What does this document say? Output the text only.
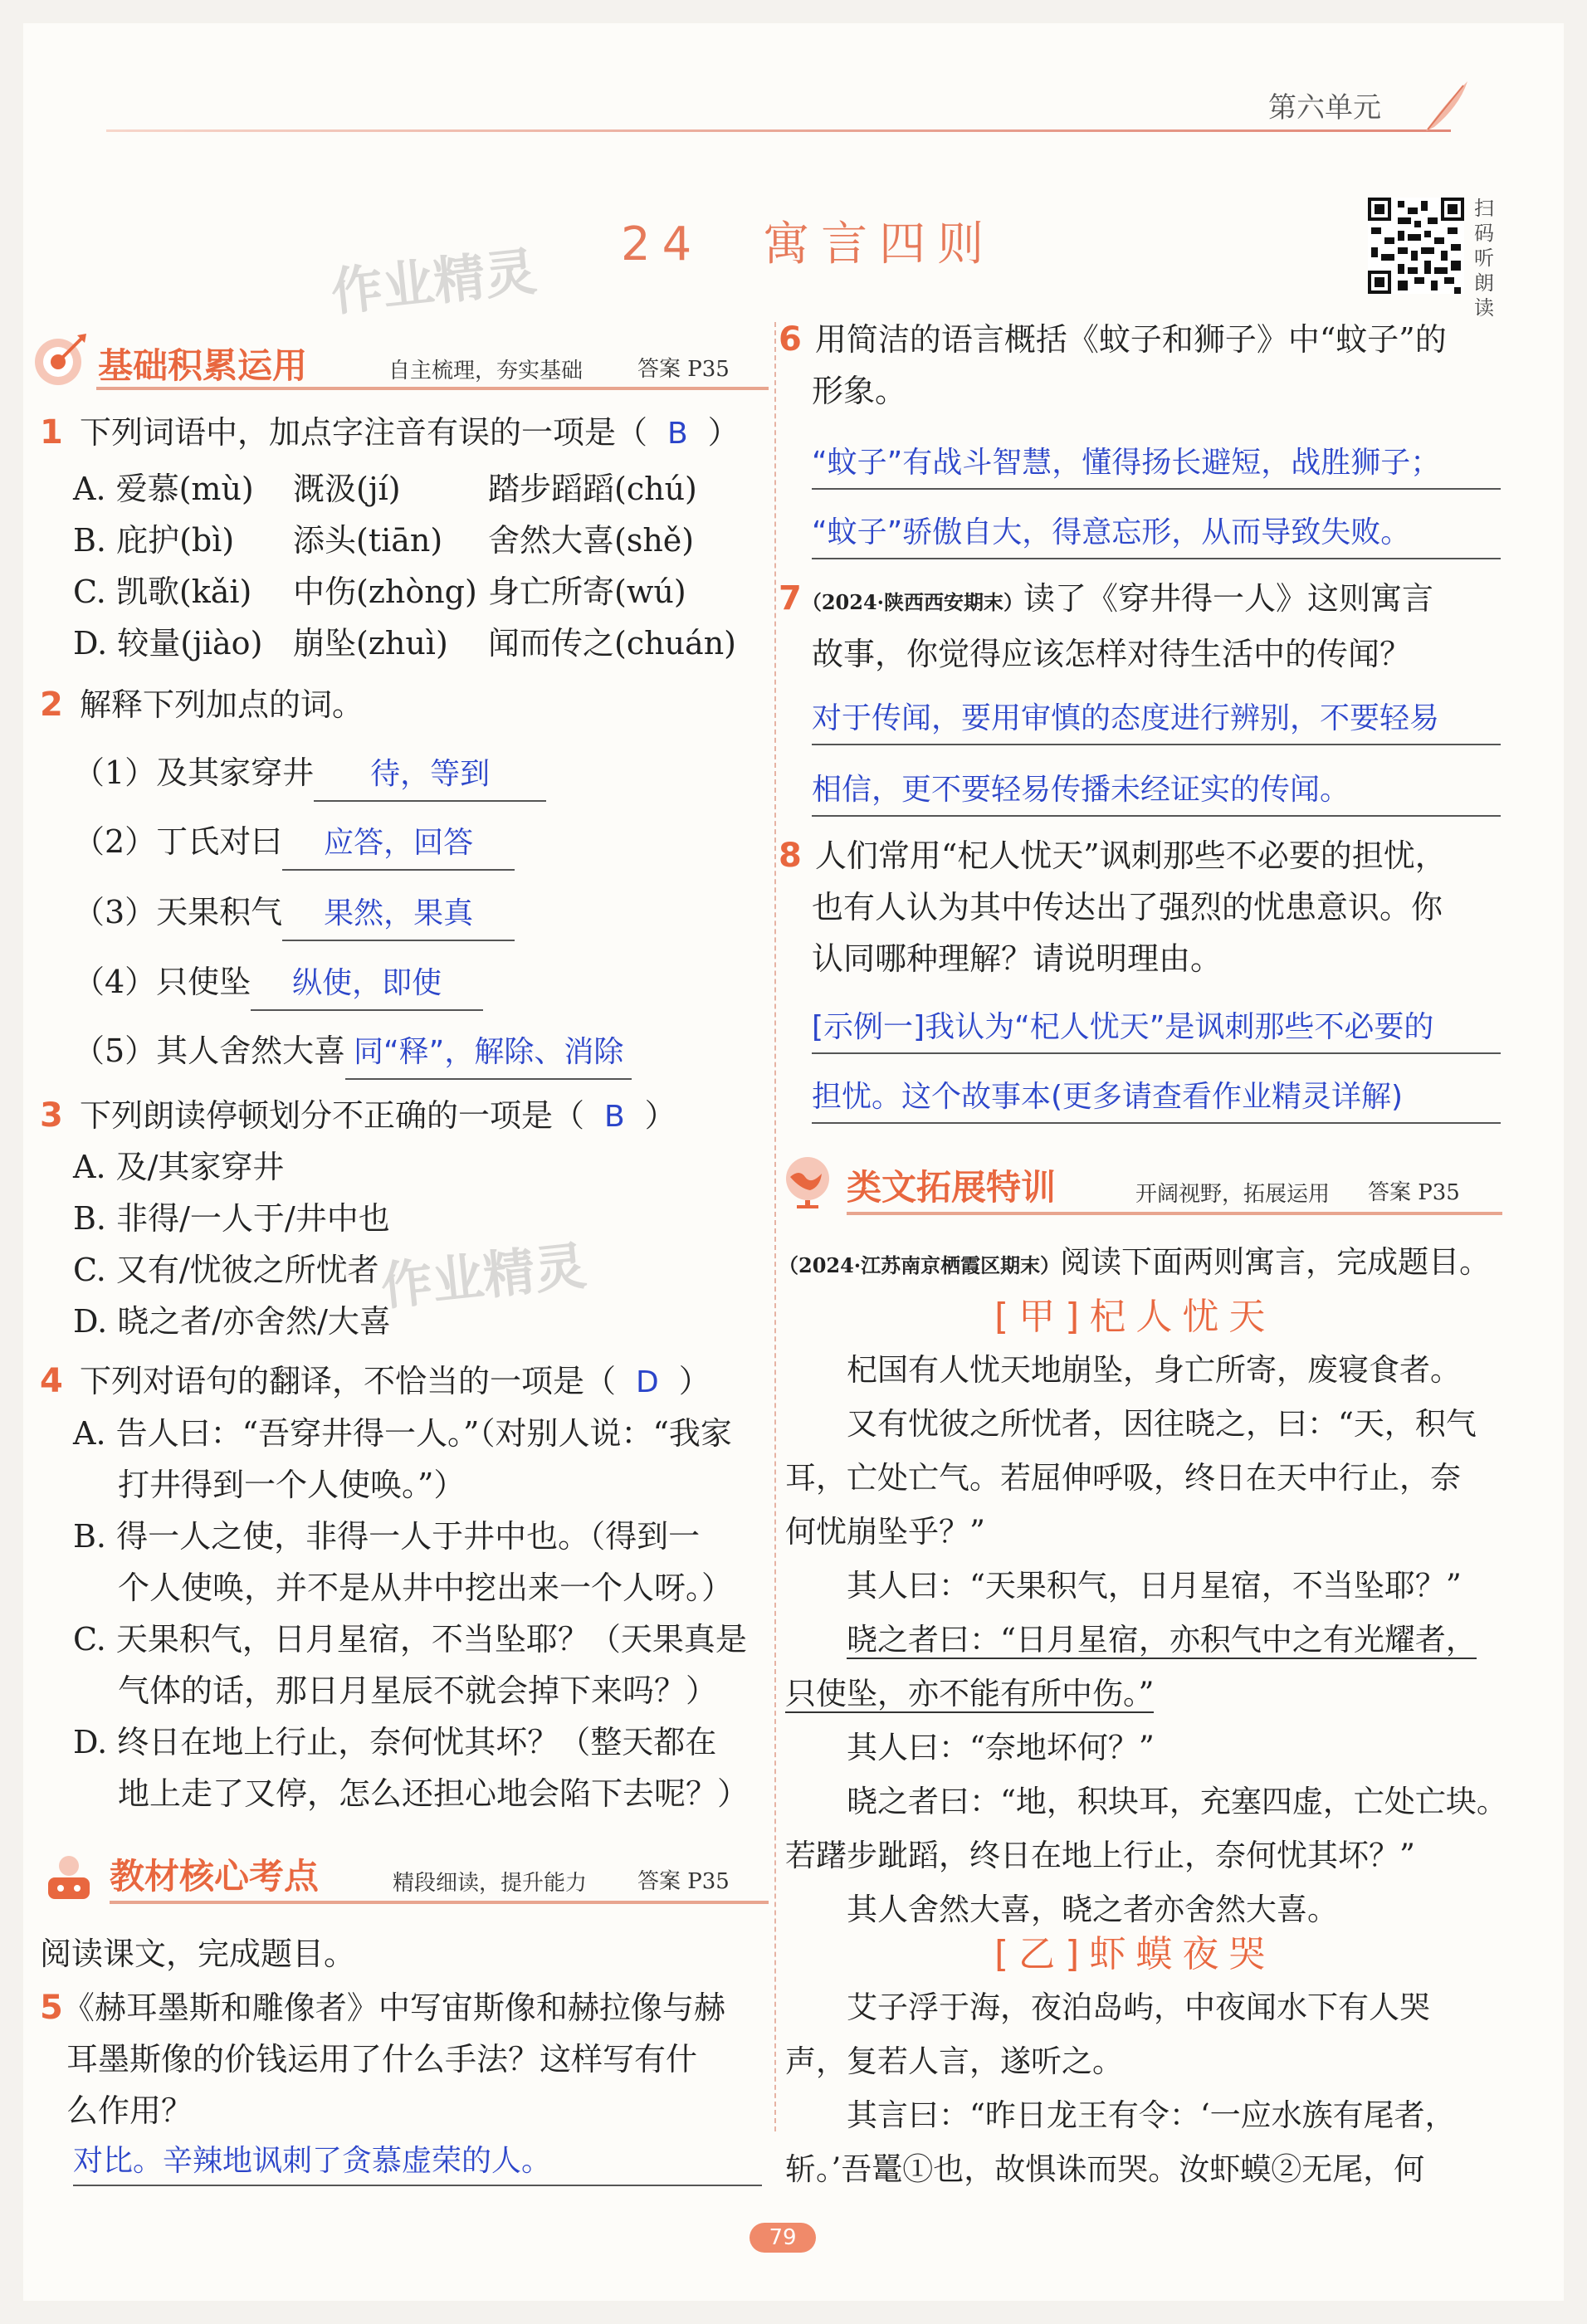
第六单元
24 寓言四则
作业精灵
作业精灵
扫码听朗读
基础积累运用	自主梳理，夯实基础	答案 P35
1 下列词语中，加点字注音有误的一项是（ B ）
A. 爱慕(mù)	溉汲(jí)	踏步蹈蹈(chú)
B. 庇护(bì)	添头(tiān)	舍然大喜(shě)
C. 凯歌(kǎi)	中伤(zhòng) 身亡所寄(wú)
D. 较量(jiào) 崩坠(zhuì)	闻而传之(chuán)
2 解释下列加点的词。
（1）及其家穿井 待，等到
（2）丁氏对曰 应答，回答
（3）天果积气 果然，果真
（4）只使坠 纵使，即使
（5）其人舍然大喜 同“释”，解除、消除
3 下列朗读停顿划分不正确的一项是（ B ）
A. 及/其家穿井
B. 非得/一人于/井中也
C. 又有/忧彼之所忧者
D. 晓之者/亦舍然/大喜
4 下列对语句的翻译，不恰当的一项是（ D ）
A. 告人曰：“吾穿井得一人。”（对别人说：“我家
打井得到一个人使唤。”）
B. 得一人之使，非得一人于井中也。（得到一
个人使唤，并不是从井中挖出来一个人呀。）
C. 天果积气，日月星宿，不当坠耶？（天果真是
气体的话，那日月星辰不就会掉下来吗？）
D. 终日在地上行止，奈何忧其坏？（整天都在
地上走了又停，怎么还担心地会陷下去呢？）
教材核心考点	精段细读，提升能力 答案 P35
阅读课文，完成题目。
5《赫耳墨斯和雕像者》中写宙斯像和赫拉像与赫
耳墨斯像的价钱运用了什么手法？这样写有什
么作用？
对比。辛辣地讽刺了贪慕虚荣的人。
6 用简洁的语言概括《蚊子和狮子》中“蚊子”的
形象。
“蚊子”有战斗智慧，懂得扬长避短，战胜狮子；
“蚊子”骄傲自大，得意忘形，从而导致失败。
7（2024·陕西西安期末）读了《穿井得一人》这则寓言
故事，你觉得应该怎样对待生活中的传闻？
对于传闻，要用审慎的态度进行辨别，不要轻易
相信，更不要轻易传播未经证实的传闻。
8 人们常用“杞人忧天”讽刺那些不必要的担忧，
也有人认为其中传达出了强烈的忧患意识。你
认同哪种理解？请说明理由。
[示例一]我认为“杞人忧天”是讽刺那些不必要的
担忧。这个故事本(更多请查看作业精灵详解)
类文拓展特训	开阔视野，拓展运用 答案 P35
（2024·江苏南京栖霞区期末）阅读下面两则寓言，完成题目。
[甲]杞人忧天
杞国有人忧天地崩坠，身亡所寄，废寝食者。
又有忧彼之所忧者，因往晓之，曰：“天，积气
耳，亡处亡气。若屈伸呼吸，终日在天中行止，奈
何忧崩坠乎？”
其人曰：“天果积气，日月星宿，不当坠耶？”
晓之者曰：“日月星宿，亦积气中之有光耀者，
只使坠，亦不能有所中伤。”
其人曰：“奈地坏何？”
晓之者曰：“地，积块耳，充塞四虚，亡处亡块。
若躇步跐蹈，终日在地上行止，奈何忧其坏？”
其人舍然大喜，晓之者亦舍然大喜。
[乙]虾蟆夜哭
艾子浮于海，夜泊岛屿，中夜闻水下有人哭
声，复若人言，遂听之。
其言曰：“昨日龙王有令：‘一应水族有尾者，
斩。’吾鼍①也，故惧诛而哭。汝虾蟆②无尾，何
79
